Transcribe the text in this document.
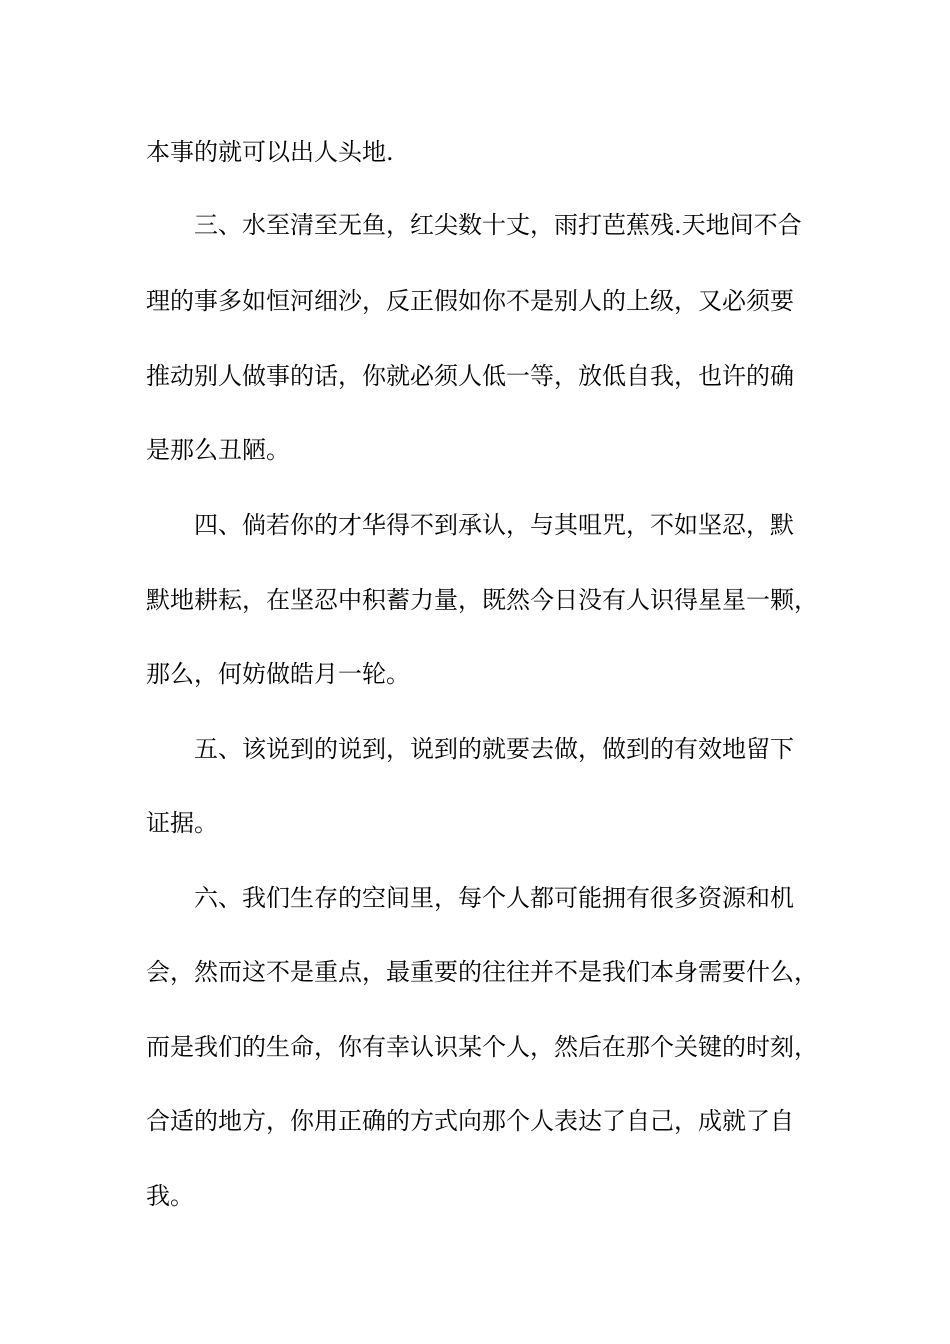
本事的就可以出人头地.
三、水至清至无鱼，红尖数十丈，雨打芭蕉残.天地间不合
理的事多如恒河细沙，反正假如你不是别人的上级，又必须要
推动别人做事的话，你就必须人低一等，放低自我，也许的确
是那么丑陋。
四、倘若你的才华得不到承认，与其咀咒，不如坚忍，默
默地耕耘，在坚忍中积蓄力量，既然今日没有人识得星星一颗，
那么，何妨做皓月一轮。
五、该说到的说到，说到的就要去做，做到的有效地留下
证据。
六、我们生存的空间里，每个人都可能拥有很多资源和机
会，然而这不是重点，最重要的往往并不是我们本身需要什么，
而是我们的生命，你有幸认识某个人，然后在那个关键的时刻，
合适的地方，你用正确的方式向那个人表达了自己，成就了自
我。
